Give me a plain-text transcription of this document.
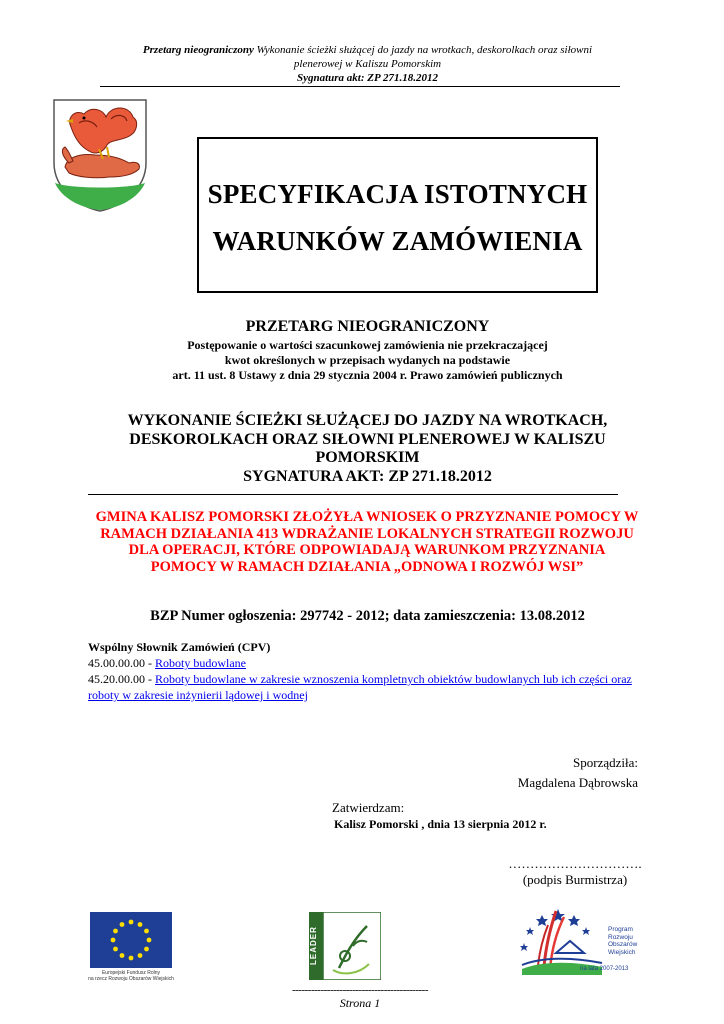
Przetarg nieograniczony Wykonanie ścieżki służącej do jazdy na wrotkach, deskorolkach oraz siłowni
plenerowej w Kaliszu Pomorskim
Sygnatura akt: ZP 271.18.2012
SPECYFIKACJA ISTOTNYCH
WARUNKÓW ZAMÓWIENIA
PRZETARG NIEOGRANICZONY
Postępowanie o wartości szacunkowej zamówienia nie przekraczającej
kwot określonych w przepisach wydanych na podstawie
art. 11 ust. 8 Ustawy z dnia 29 stycznia 2004 r. Prawo zamówień publicznych
WYKONANIE ŚCIEŻKI SŁUŻĄCEJ DO JAZDY NA WROTKACH,
DESKOROLKACH ORAZ SIŁOWNI PLENEROWEJ W KALISZU
POMORSKIM
SYGNATURA AKT: ZP 271.18.2012
GMINA KALISZ POMORSKI ZŁOŻYŁA WNIOSEK O PRZYZNANIE POMOCY W
RAMACH DZIAŁANIA 413 WDRAŻANIE LOKALNYCH STRATEGII ROZWOJU
DLA OPERACJI, KTÓRE ODPOWIADAJĄ WARUNKOM PRZYZNANIA
POMOCY W RAMACH DZIAŁANIA „ODNOWA I ROZWÓJ WSI”
BZP Numer ogłoszenia: 297742 - 2012; data zamieszczenia: 13.08.2012
Wspólny Słownik Zamówień (CPV)
45.00.00.00 - Roboty budowlane
45.20.00.00 - Roboty budowlane w zakresie wznoszenia kompletnych obiektów budowlanych lub ich części oraz
roboty w zakresie inżynierii lądowej i wodnej
Sporządziła:
Magdalena Dąbrowska
Zatwierdzam:
Kalisz Pomorski , dnia 13 sierpnia 2012 r.
………………………….
(podpis Burmistrza)
Europejski Fundusz Rolny
na rzecz Rozwoju Obszarów Wiejskich
LEADER	Program
Rozwoju
Obszarów
Wiejskich
na lata 2007-2013
-------------------------------------------
Strona 1
